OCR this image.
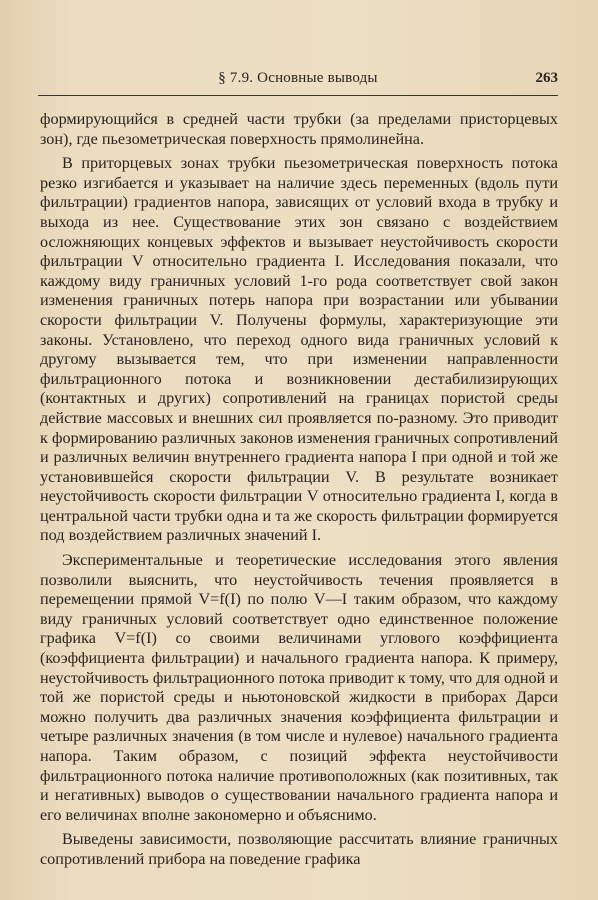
§ 7.9. Основные выводы	263

формирующийся в средней части трубки (за пределами присторцевых зон), где пьезометрическая поверхность прямолинейна.

В приторцевых зонах трубки пьезометрическая поверхность потока резко изгибается и указывает на наличие здесь переменных (вдоль пути фильтрации) градиентов напора, зависящих от условий входа в трубку и выхода из нее. Существование этих зон связано с воздействием осложняющих концевых эффектов и вызывает неустойчивость скорости фильтрации V относительно градиента I. Исследования показали, что каждому виду граничных условий 1-го рода соответствует свой закон изменения граничных потерь напора при возрастании или убывании скорости фильтрации V. Получены формулы, характеризующие эти законы. Установлено, что переход одного вида граничных условий к другому вызывается тем, что при изменении направленности фильтрационного потока и возникновении дестабилизирующих (контактных и других) сопротивлений на границах пористой среды действие массовых и внешних сил проявляется по-разному. Это приводит к формированию различных законов изменения граничных сопротивлений и различных величин внутреннего градиента напора I при одной и той же установившейся скорости фильтрации V. В результате возникает неустойчивость скорости фильтрации V относительно градиента I, когда в центральной части трубки одна и та же скорость фильтрации формируется под воздействием различных значений I.

Экспериментальные и теоретические исследования этого явления позволили выяснить, что неустойчивость течения проявляется в перемещении прямой V=f(I) по полю V—I таким образом, что каждому виду граничных условий соответствует одно единственное положение графика V=f(I) со своими величинами углового коэффициента (коэффициента фильтрации) и начального градиента напора. К примеру, неустойчивость фильтрационного потока приводит к тому, что для одной и той же пористой среды и ньютоновской жидкости в приборах Дарси можно получить два различных значения коэффициента фильтрации и четыре различных значения (в том числе и нулевое) начального градиента напора. Таким образом, с позиций эффекта неустойчивости фильтрационного потока наличие противоположных (как позитивных, так и негативных) выводов о существовании начального градиента напора и его величинах вполне закономерно и объяснимо.

Выведены зависимости, позволяющие рассчитать влияние граничных сопротивлений прибора на поведение графика
